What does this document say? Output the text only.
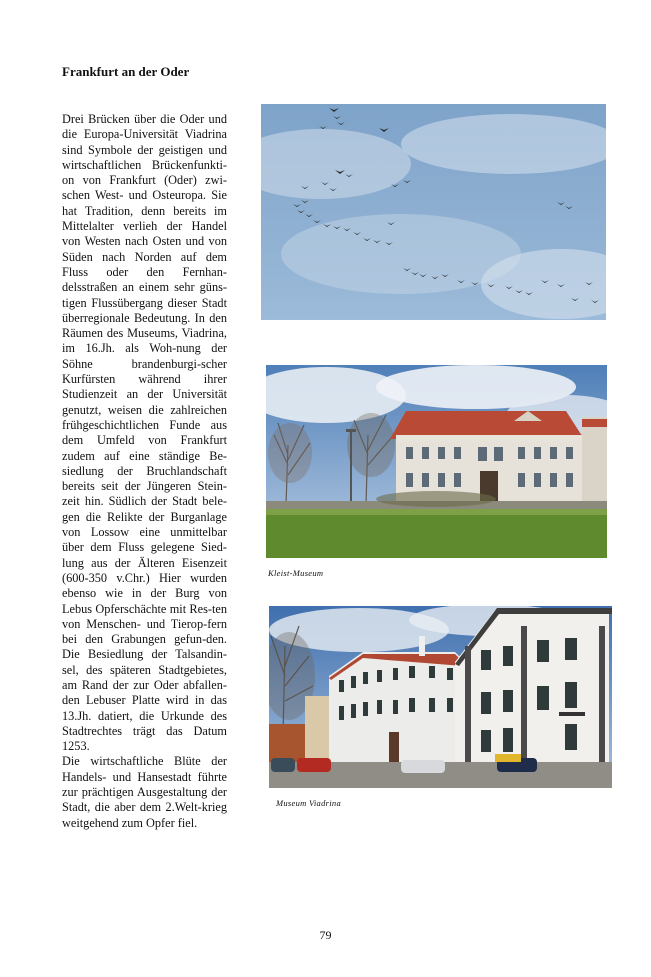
Frankfurt an der Oder

Drei Brücken über die Oder und die Europa-Universität Viadrina sind Symbole der geistigen und wirtschaftlichen Brückenfunkti-on von Frankfurt (Oder) zwi-schen West- und Osteuropa. Sie hat Tradition, denn bereits im Mittelalter verlieh der Handel von Westen nach Osten und von Süden nach Norden auf dem Fluss oder den Fernhan-delsstraßen an einem sehr güns-tigen Flussübergang dieser Stadt überregionale Bedeutung. In den Räumen des Museums, Viadrina, im 16.Jh. als Woh-nung der Söhne brandenburgi-scher Kurfürsten während ihrer Studienzeit an der Universität genutzt, weisen die zahlreichen frühgeschichtlichen Funde aus dem Umfeld von Frankfurt zudem auf eine ständige Be-siedlung der Bruchlandschaft bereits seit der Jüngeren Stein-zeit hin. Südlich der Stadt bele-gen die Relikte der Burganlage von Lossow eine unmittelbar über dem Fluss gelegene Sied-lung aus der Älteren Eisenzeit (600-350 v.Chr.) Hier wurden ebenso wie in der Burg von Lebus Opferschächte mit Res-ten von Menschen- und Tierop-fern bei den Grabungen gefun-den.

Die Besiedlung der Talsandin-sel, des späteren Stadtgebietes, am Rand der zur Oder abfallen-den Lebuser Platte wird in das 13.Jh. datiert, die Urkunde des Stadtrechtes trägt das Datum 1253.

Die wirtschaftliche Blüte der Handels- und Hansestadt führte zur prächtigen Ausgestaltung der Stadt, die aber dem 2.Welt-krieg weitgehend zum Opfer fiel.

Kleist-Museum
Museum Viadrina
79
